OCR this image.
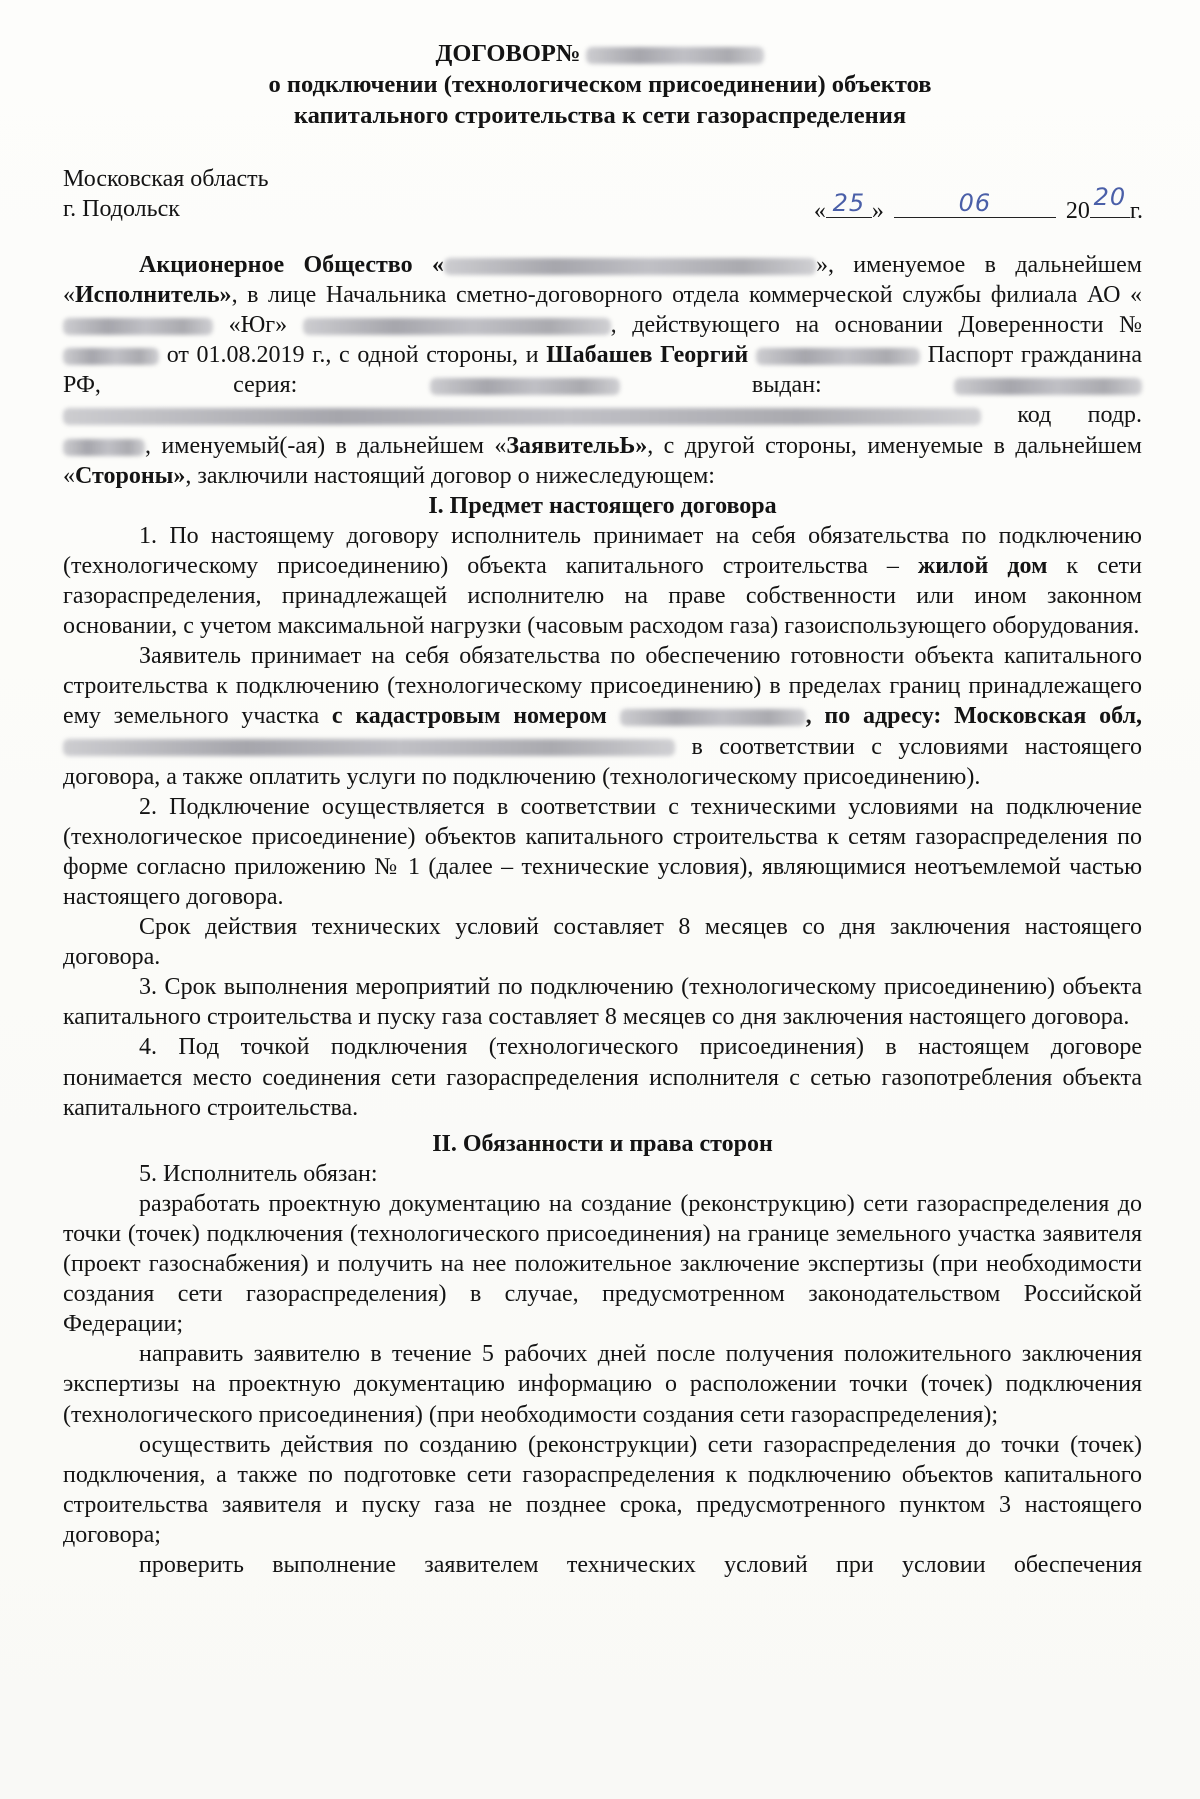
ДОГОВОР№
о подключении (технологическом присоединении) объектов
капитального строительства к сети газораспределения
Московская область
г. Подольск	« 25 »	06	20 20 г.

Акционерное Общество «	», именуемое в дальнейшем «Исполнитель», в лице Начальника сметно-договорного отдела коммерческой службы филиала АО « «Юг»	, действующего на основании Доверенности №  от 01.08.2019 г., с одной стороны, и Шабашев Георгий	Паспорт гражданина РФ, серия:	выдан:   код подр. , именуемый(-ая) в дальнейшем «ЗаявительЬ», с другой стороны, именуемые в дальнейшем «Стороны», заключили настоящий договор о нижеследующем:

I. Предмет настоящего договора

1. По настоящему договору исполнитель принимает на себя обязательства по подключению (технологическому присоединению) объекта капитального строительства – жилой дом к сети газораспределения, принадлежащей исполнителю на праве собственности или ином законном основании, с учетом максимальной нагрузки (часовым расходом газа) газоиспользующего оборудования.

Заявитель принимает на себя обязательства по обеспечению готовности объекта капитального строительства к подключению (технологическому присоединению) в пределах границ принадлежащего ему земельного участка с кадастровым номером	, по адресу: Московская обл,  в соответствии с условиями настоящего договора, а также оплатить услуги по подключению (технологическому присоединению).

2. Подключение осуществляется в соответствии с техническими условиями на подключение (технологическое присоединение) объектов капитального строительства к сетям газораспределения по форме согласно приложению № 1 (далее – технические условия), являющимися неотъемлемой частью настоящего договора.

Срок действия технических условий составляет 8 месяцев со дня заключения настоящего договора.

3. Срок выполнения мероприятий по подключению (технологическому присоединению) объекта капитального строительства и пуску газа составляет 8 месяцев со дня заключения настоящего договора.

4. Под точкой подключения (технологического присоединения) в настоящем договоре понимается место соединения сети газораспределения исполнителя с сетью газопотребления объекта капитального строительства.

II. Обязанности и права сторон

5. Исполнитель обязан:

разработать проектную документацию на создание (реконструкцию) сети газораспределения до точки (точек) подключения (технологического присоединения) на границе земельного участка заявителя (проект газоснабжения) и получить на нее положительное заключение экспертизы (при необходимости создания сети газораспределения) в случае, предусмотренном законодательством Российской Федерации;

направить заявителю в течение 5 рабочих дней после получения положительного заключения экспертизы на проектную документацию информацию о расположении точки (точек) подключения (технологического присоединения) (при необходимости создания сети газораспределения);

осуществить действия по созданию (реконструкции) сети газораспределения до точки (точек) подключения, а также по подготовке сети газораспределения к подключению объектов капитального строительства заявителя и пуску газа не позднее срока, предусмотренного пунктом 3 настоящего договора;

проверить выполнение заявителем технических условий при условии обеспечения
